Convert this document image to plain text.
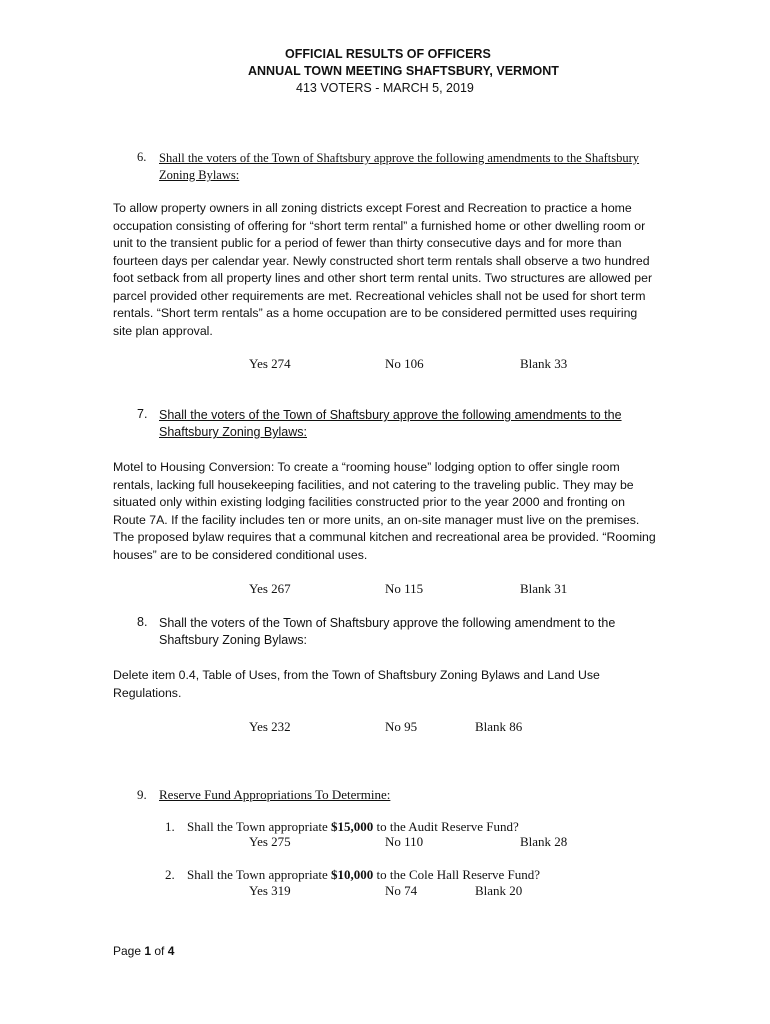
OFFICIAL RESULTS OF OFFICERS
ANNUAL TOWN MEETING SHAFTSBURY, VERMONT
413 VOTERS - MARCH 5, 2019
6. Shall the voters of the Town of Shaftsbury approve the following amendments to the Shaftsbury Zoning Bylaws:
To allow property owners in all zoning districts except Forest and Recreation to practice a home occupation consisting of offering for “short term rental” a furnished home or other dwelling room or unit to the transient public for a period of fewer than thirty consecutive days and for more than fourteen days per calendar year. Newly constructed short term rentals shall observe a two hundred foot setback from all property lines and other short term rental units. Two structures are allowed per parcel provided other requirements are met. Recreational vehicles shall not be used for short term rentals. “Short term rentals” as a home occupation are to be considered permitted uses requiring site plan approval.
Yes 274	No 106	Blank 33
7. Shall the voters of the Town of Shaftsbury approve the following amendments to the Shaftsbury Zoning Bylaws:
Motel to Housing Conversion: To create a “rooming house” lodging option to offer single room rentals, lacking full housekeeping facilities, and not catering to the traveling public. They may be situated only within existing lodging facilities constructed prior to the year 2000 and fronting on Route 7A. If the facility includes ten or more units, an on-site manager must live on the premises. The proposed bylaw requires that a communal kitchen and recreational area be provided. “Rooming houses” are to be considered conditional uses.
Yes 267	No 115	Blank 31
8. Shall the voters of the Town of Shaftsbury approve the following amendment to the Shaftsbury Zoning Bylaws:
Delete item 0.4, Table of Uses, from the Town of Shaftsbury Zoning Bylaws and Land Use Regulations.
Yes 232	No 95	Blank 86
9. Reserve Fund Appropriations To Determine:
1. Shall the Town appropriate $15,000 to the Audit Reserve Fund?
Yes 275	No 110	Blank 28
2. Shall the Town appropriate $10,000 to the Cole Hall Reserve Fund?
Yes 319	No 74	Blank 20
Page 1 of 4
